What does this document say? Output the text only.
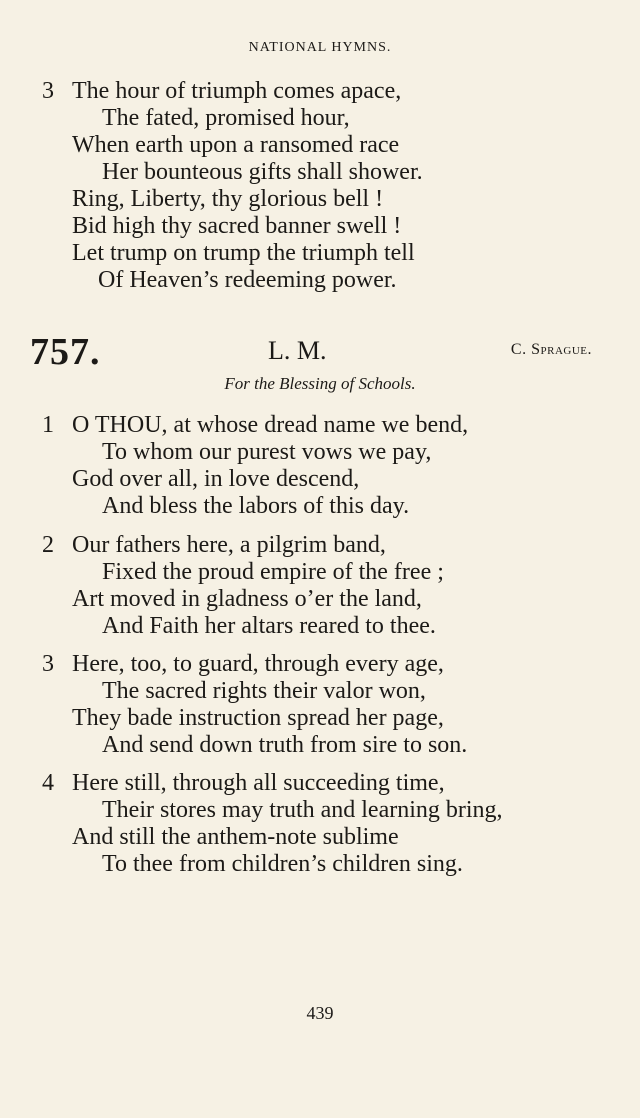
NATIONAL HYMNS.
3 The hour of triumph comes apace,
The fated, promised hour,
When earth upon a ransomed race
Her bounteous gifts shall shower.
Ring, Liberty, thy glorious bell !
Bid high thy sacred banner swell !
Let trump on trump the triumph tell
Of Heaven’s redeeming power.
757.	L. M.	C. Sprague.
For the Blessing of Schools.
1 O THOU, at whose dread name we bend,
To whom our purest vows we pay,
God over all, in love descend,
And bless the labors of this day.
2 Our fathers here, a pilgrim band,
Fixed the proud empire of the free ;
Art moved in gladness o’er the land,
And Faith her altars reared to thee.
3 Here, too, to guard, through every age,
The sacred rights their valor won,
They bade instruction spread her page,
And send down truth from sire to son.
4 Here still, through all succeeding time,
Their stores may truth and learning bring,
And still the anthem-note sublime
To thee from children’s children sing.
439
